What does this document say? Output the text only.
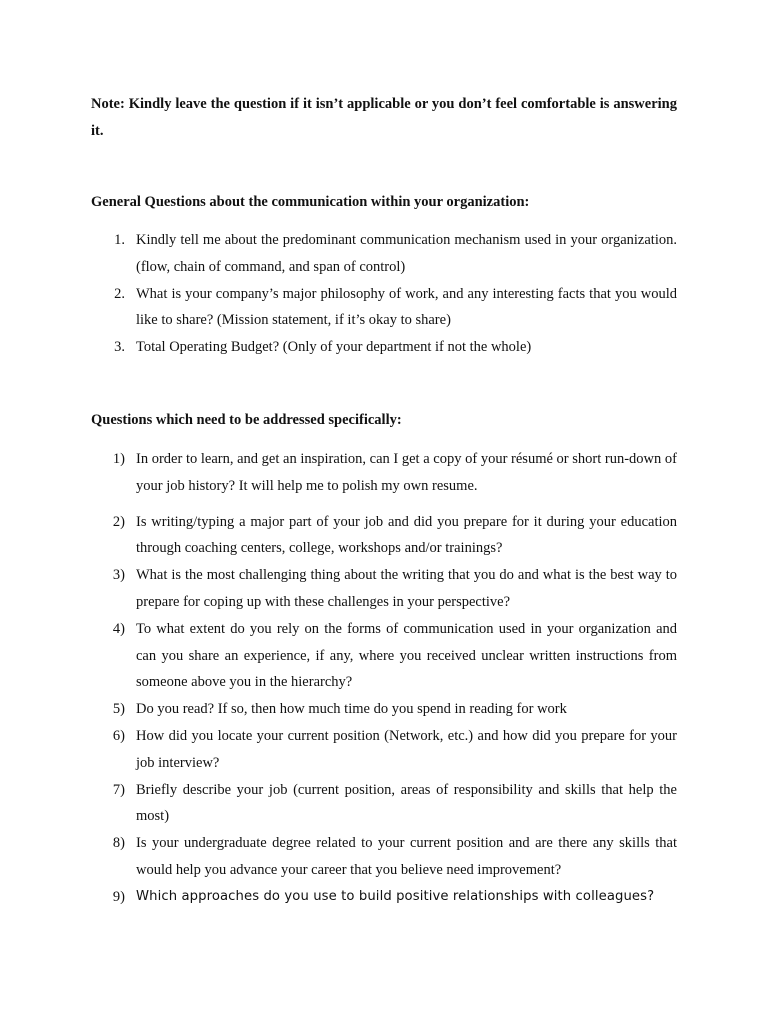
Note: Kindly leave the question if it isn’t applicable or you don’t feel comfortable is answering it.

General Questions about the communication within your organization:

1. Kindly tell me about the predominant communication mechanism used in your organization. (flow, chain of command, and span of control)
2. What is your company’s major philosophy of work, and any interesting facts that you would like to share? (Mission statement, if it’s okay to share)
3. Total Operating Budget? (Only of your department if not the whole)

Questions which need to be addressed specifically:

1) In order to learn, and get an inspiration, can I get a copy of your résumé or short run-down of your job history? It will help me to polish my own resume.
2) Is writing/typing a major part of your job and did you prepare for it during your education through coaching centers, college, workshops and/or trainings?
3) What is the most challenging thing about the writing that you do and what is the best way to prepare for coping up with these challenges in your perspective?
4) To what extent do you rely on the forms of communication used in your organization and can you share an experience, if any, where you received unclear written instructions from someone above you in the hierarchy?
5) Do you read? If so, then how much time do you spend in reading for work
6) How did you locate your current position (Network, etc.) and how did you prepare for your job interview?
7) Briefly describe your job (current position, areas of responsibility and skills that help the most)
8) Is your undergraduate degree related to your current position and are there any skills that would help you advance your career that you believe need improvement?
9) Which approaches do you use to build positive relationships with colleagues?
